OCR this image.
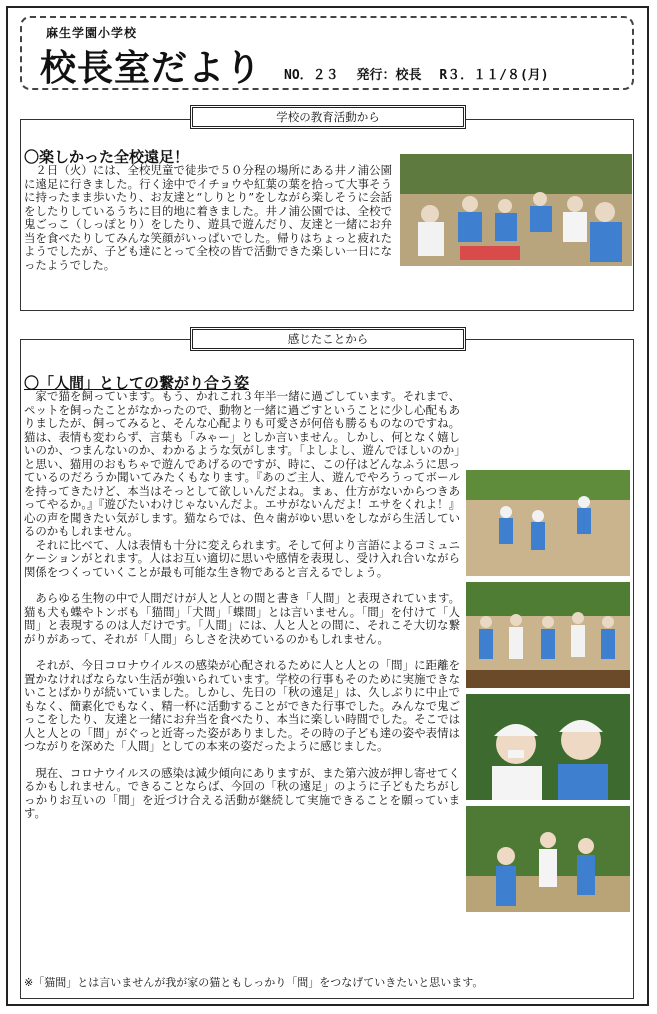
麻生学園小学校
校長室だより NO．２３ 発行：校長 R３．１１/８(月)
学校の教育活動から
〇楽しかった全校遠足！

２日（火）には、全校児童で徒歩で５０分程の場所にある井ノ浦公園に遠足に行きました。行く途中でイチョウや紅葉の葉を拾って大事そうに持ったまま歩いたり、お友達と“しりとり”をしながら楽しそうに会話をしたりしているうちに目的地に着きました。井ノ浦公園では、全校で鬼ごっこ（しっぽとり）をしたり、遊具で遊んだり、友達と一緒にお弁当を食べたりしてみんな笑顔がいっぱいでした。帰りはちょっと疲れたようでしたが、子ども達にとって全校の皆で活動できた楽しい一日になったようでした。

感じたことから
〇「人間」としての繋がり合う姿

家で猫を飼っています。もう、かれこれ３年半一緒に過ごしています。それまで、ペットを飼ったことがなかったので、動物と一緒に過ごすということに少し心配もありましたが、飼ってみると、そんな心配よりも可愛さが何倍も勝るものなのですね。猫は、表情も変わらず、言葉も「みゃー」としか言いません。しかし、何となく嬉しいのか、つまんないのか、わかるような気がします。「よしよし、遊んでほしいのか」と思い、猫用のおもちゃで遊んであげるのですが、時に、この仔はどんなふうに思っているのだろうか聞いてみたくもなります。『あのご主人、遊んでやろうってボールを持ってきたけど、本当はそっとして欲しいんだよね。まぁ、仕方がないからつきあってやるか。』『遊びたいわけじゃないんだよ。エサがないんだよ！エサをくれよ！』心の声を聞きたい気がします。猫ならでは、色々歯がゆい思いをしながら生活しているのかもしれません。

それに比べて、人は表情も十分に変えられます。そして何より言語によるコミュニケーションがとれます。人はお互い適切に思いや感情を表現し、受け入れ合いながら関係をつくっていくことが最も可能な生き物であると言えるでしょう。

あらゆる生物の中で人間だけが人と人との間と書き「人間」と表現されています。猫も犬も蝶やトンボも「猫間」「犬間」「蝶間」とは言いません。「間」を付けて「人間」と表現するのは人だけです。「人間」には、人と人との間に、それこそ大切な繋がりがあって、それが「人間」らしさを決めているのかもしれません。

それが、今日コロナウイルスの感染が心配されるために人と人との「間」に距離を置かなければならない生活が強いられています。学校の行事もそのために実施できないことばかりが続いていました。しかし、先日の「秋の遠足」は、久しぶりに中止でもなく、簡素化でもなく、精一杯に活動することができた行事でした。みんなで鬼ごっこをしたり、友達と一緒にお弁当を食べたり、本当に楽しい時間でした。そこでは人と人との「間」がぐっと近寄った姿がありました。その時の子ども達の姿や表情はつながりを深めた「人間」としての本来の姿だったように感じました。

現在、コロナウイルスの感染は減少傾向にありますが、また第六波が押し寄せてくるかもしれません。できることならば、今回の「秋の遠足」のように子どもたちがしっかりお互いの「間」を近づけ合える活動が継続して実施できることを願っています。

※「猫間」とは言いませんが我が家の猫ともしっかり「間」をつなげていきたいと思います。
